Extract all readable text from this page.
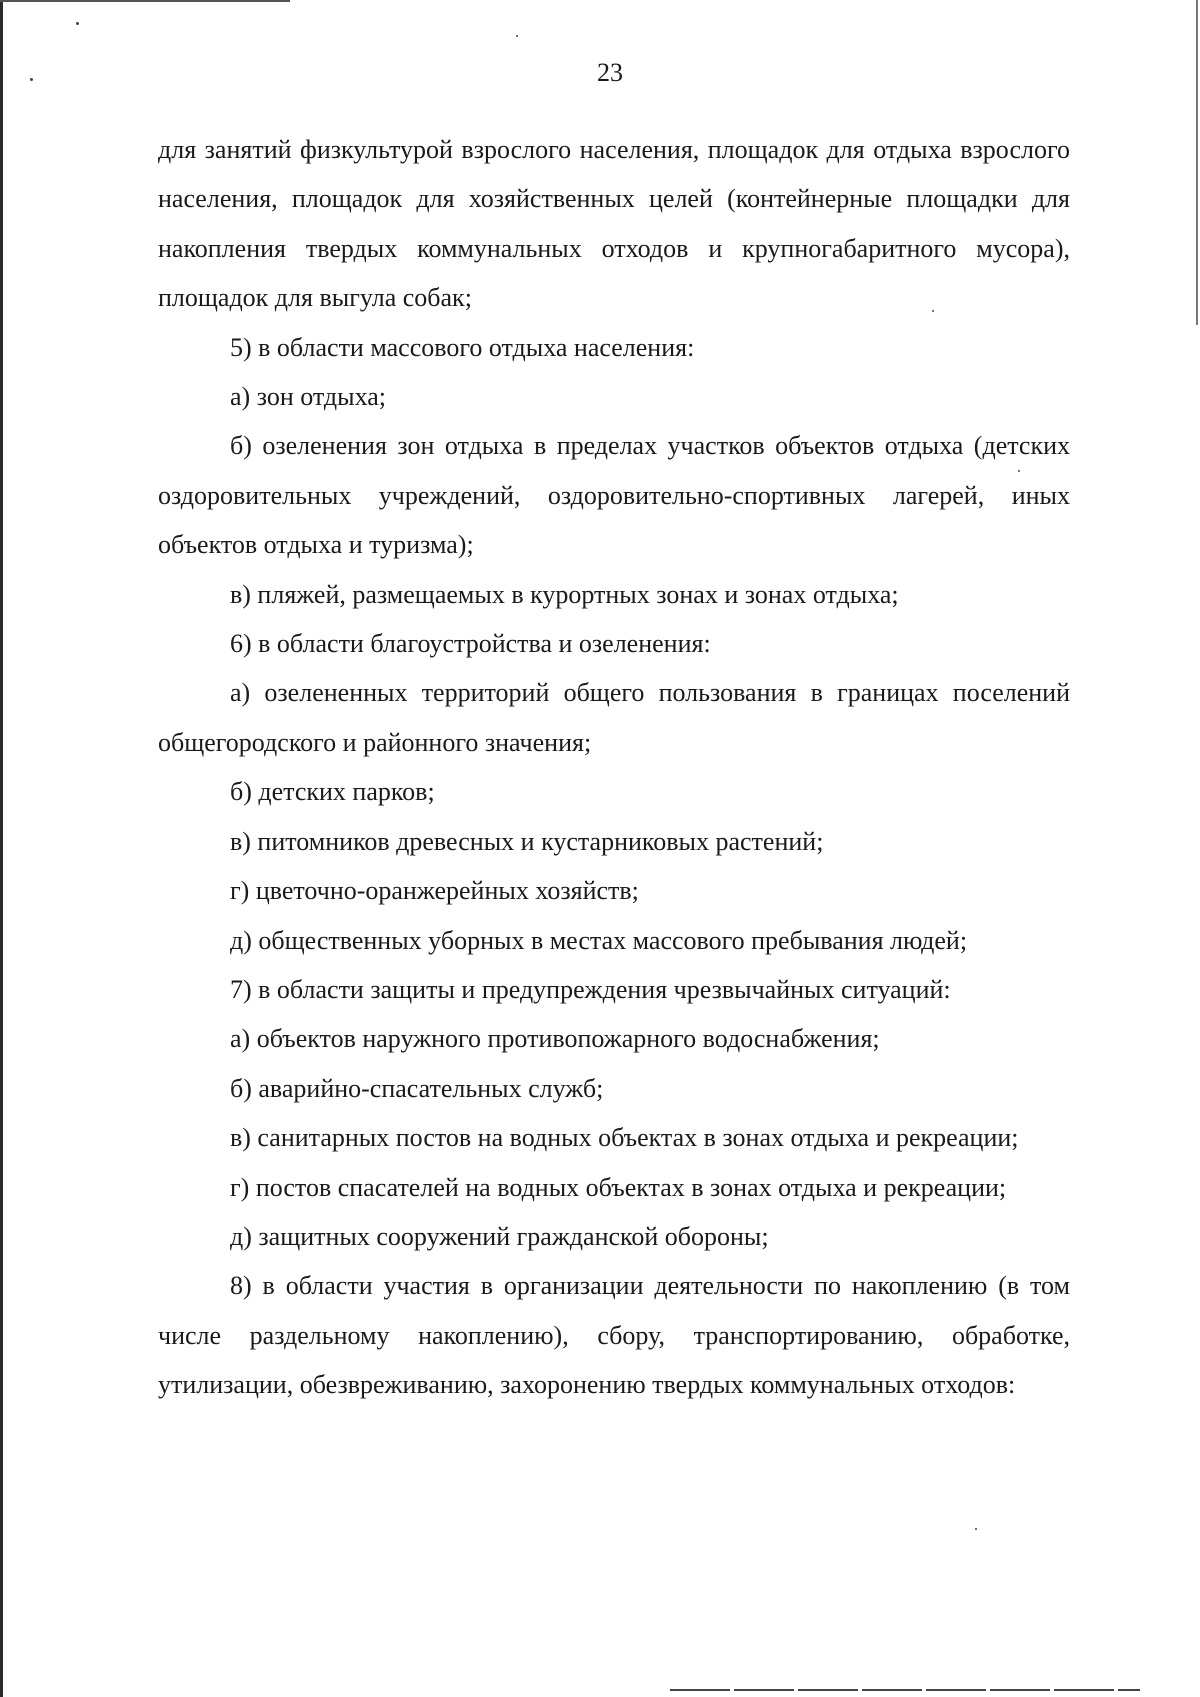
23

для занятий физкультурой взрослого населения, площадок для отдыха взрослого населения, площадок для хозяйственных целей (контейнерные площадки для накопления твердых коммунальных отходов и крупногабаритного мусора), площадок для выгула собак;

5) в области массового отдыха населения:

а) зон отдыха;

б) озеленения зон отдыха в пределах участков объектов отдыха (детских оздоровительных учреждений, оздоровительно-спортивных лагерей, иных объектов отдыха и туризма);

в) пляжей, размещаемых в курортных зонах и зонах отдыха;

6) в области благоустройства и озеленения:

а) озелененных территорий общего пользования в границах поселений общегородского и районного значения;

б) детских парков;

в) питомников древесных и кустарниковых растений;

г) цветочно-оранжерейных хозяйств;

д) общественных уборных в местах массового пребывания людей;

7) в области защиты и предупреждения чрезвычайных ситуаций:

а) объектов наружного противопожарного водоснабжения;

б) аварийно-спасательных служб;

в) санитарных постов на водных объектах в зонах отдыха и рекреации;

г) постов спасателей на водных объектах в зонах отдыха и рекреации;

д) защитных сооружений гражданской обороны;

8) в области участия в организации деятельности по накоплению (в том числе раздельному накоплению), сбору, транспортированию, обработке, утилизации, обезвреживанию, захоронению твердых коммунальных отходов:
